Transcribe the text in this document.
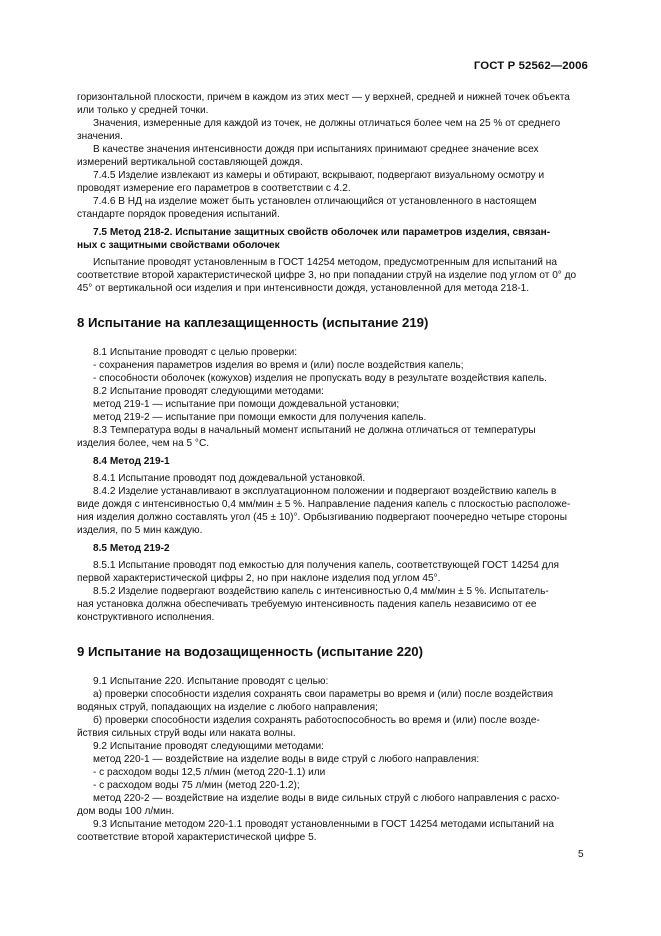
ГОСТ Р 52562—2006

горизонтальной плоскости, причем в каждом из этих мест — у верхней, средней и нижней точек объекта

или только у средней точки.

Значения, измеренные для каждой из точек, не должны отличаться более чем на 25 % от среднего

значения.

В качестве значения интенсивности дождя при испытаниях принимают среднее значение всех

измерений вертикальной составляющей дождя.

7.4.5 Изделие извлекают из камеры и обтирают, вскрывают, подвергают визуальному осмотру и

проводят измерение его параметров в соответствии с 4.2.

7.4.6 В НД на изделие может быть установлен отличающийся от установленного в настоящем

стандарте порядок проведения испытаний.

7.5 Метод 218-2. Испытание защитных свойств оболочек или параметров изделия, связан-

ных с защитными свойствами оболочек

Испытание проводят установленным в ГОСТ 14254 методом, предусмотренным для испытаний на

соответствие второй характеристической цифре 3, но при попадании струй на изделие под углом от 0° до

45° от вертикальной оси изделия и при интенсивности дождя, установленной для метода 218-1.

8 Испытание на каплезащищенность (испытание 219)

8.1 Испытание проводят с целью проверки:

- сохранения параметров изделия во время и (или) после воздействия капель;

- способности оболочек (кожухов) изделия не пропускать воду в результате воздействия капель.

8.2 Испытание проводят следующими методами:

метод 219-1 — испытание при помощи дождевальной установки;

метод 219-2 — испытание при помощи емкости для получения капель.

8.3 Температура воды в начальный момент испытаний не должна отличаться от температуры

изделия более, чем на 5 °С.

8.4 Метод 219-1

8.4.1 Испытание проводят под дождевальной установкой.

8.4.2 Изделие устанавливают в эксплуатационном положении и подвергают воздействию капель в

виде дождя с интенсивностью 0,4 мм/мин ± 5 %. Направление падения капель с плоскостью расположе-

ния изделия должно составлять угол (45 ± 10)°. Орбызгиванию подвергают поочередно четыре стороны

изделия, по 5 мин каждую.

8.5 Метод 219-2

8.5.1 Испытание проводят под емкостью для получения капель, соответствующей ГОСТ 14254 для

первой характеристической цифры 2, но при наклоне изделия под углом 45°.

8.5.2 Изделие подвергают воздействию капель с интенсивностью 0,4 мм/мин ± 5 %. Испытатель-

ная установка должна обеспечивать требуемую интенсивность падения капель независимо от ее

конструктивного исполнения.

9 Испытание на водозащищенность (испытание 220)

9.1 Испытание 220. Испытание проводят с целью:

а) проверки способности изделия сохранять свои параметры во время и (или) после воздействия

водяных струй, попадающих на изделие с любого направления;

б) проверки способности изделия сохранять работоспособность во время и (или) после возде-

йствия сильных струй воды или наката волны.

9.2 Испытание проводят следующими методами:

метод 220-1 — воздействие на изделие воды в виде струй с любого направления:

- с расходом воды 12,5 л/мин (метод 220-1.1) или

- с расходом воды 75 л/мин (метод 220-1.2);

метод 220-2 — воздействие на изделие воды в виде сильных струй с любого направления с расхо-

дом воды 100 л/мин.

9.3 Испытание методом 220-1.1 проводят установленными в ГОСТ 14254 методами испытаний на

соответствие второй характеристической цифре 5.

5
